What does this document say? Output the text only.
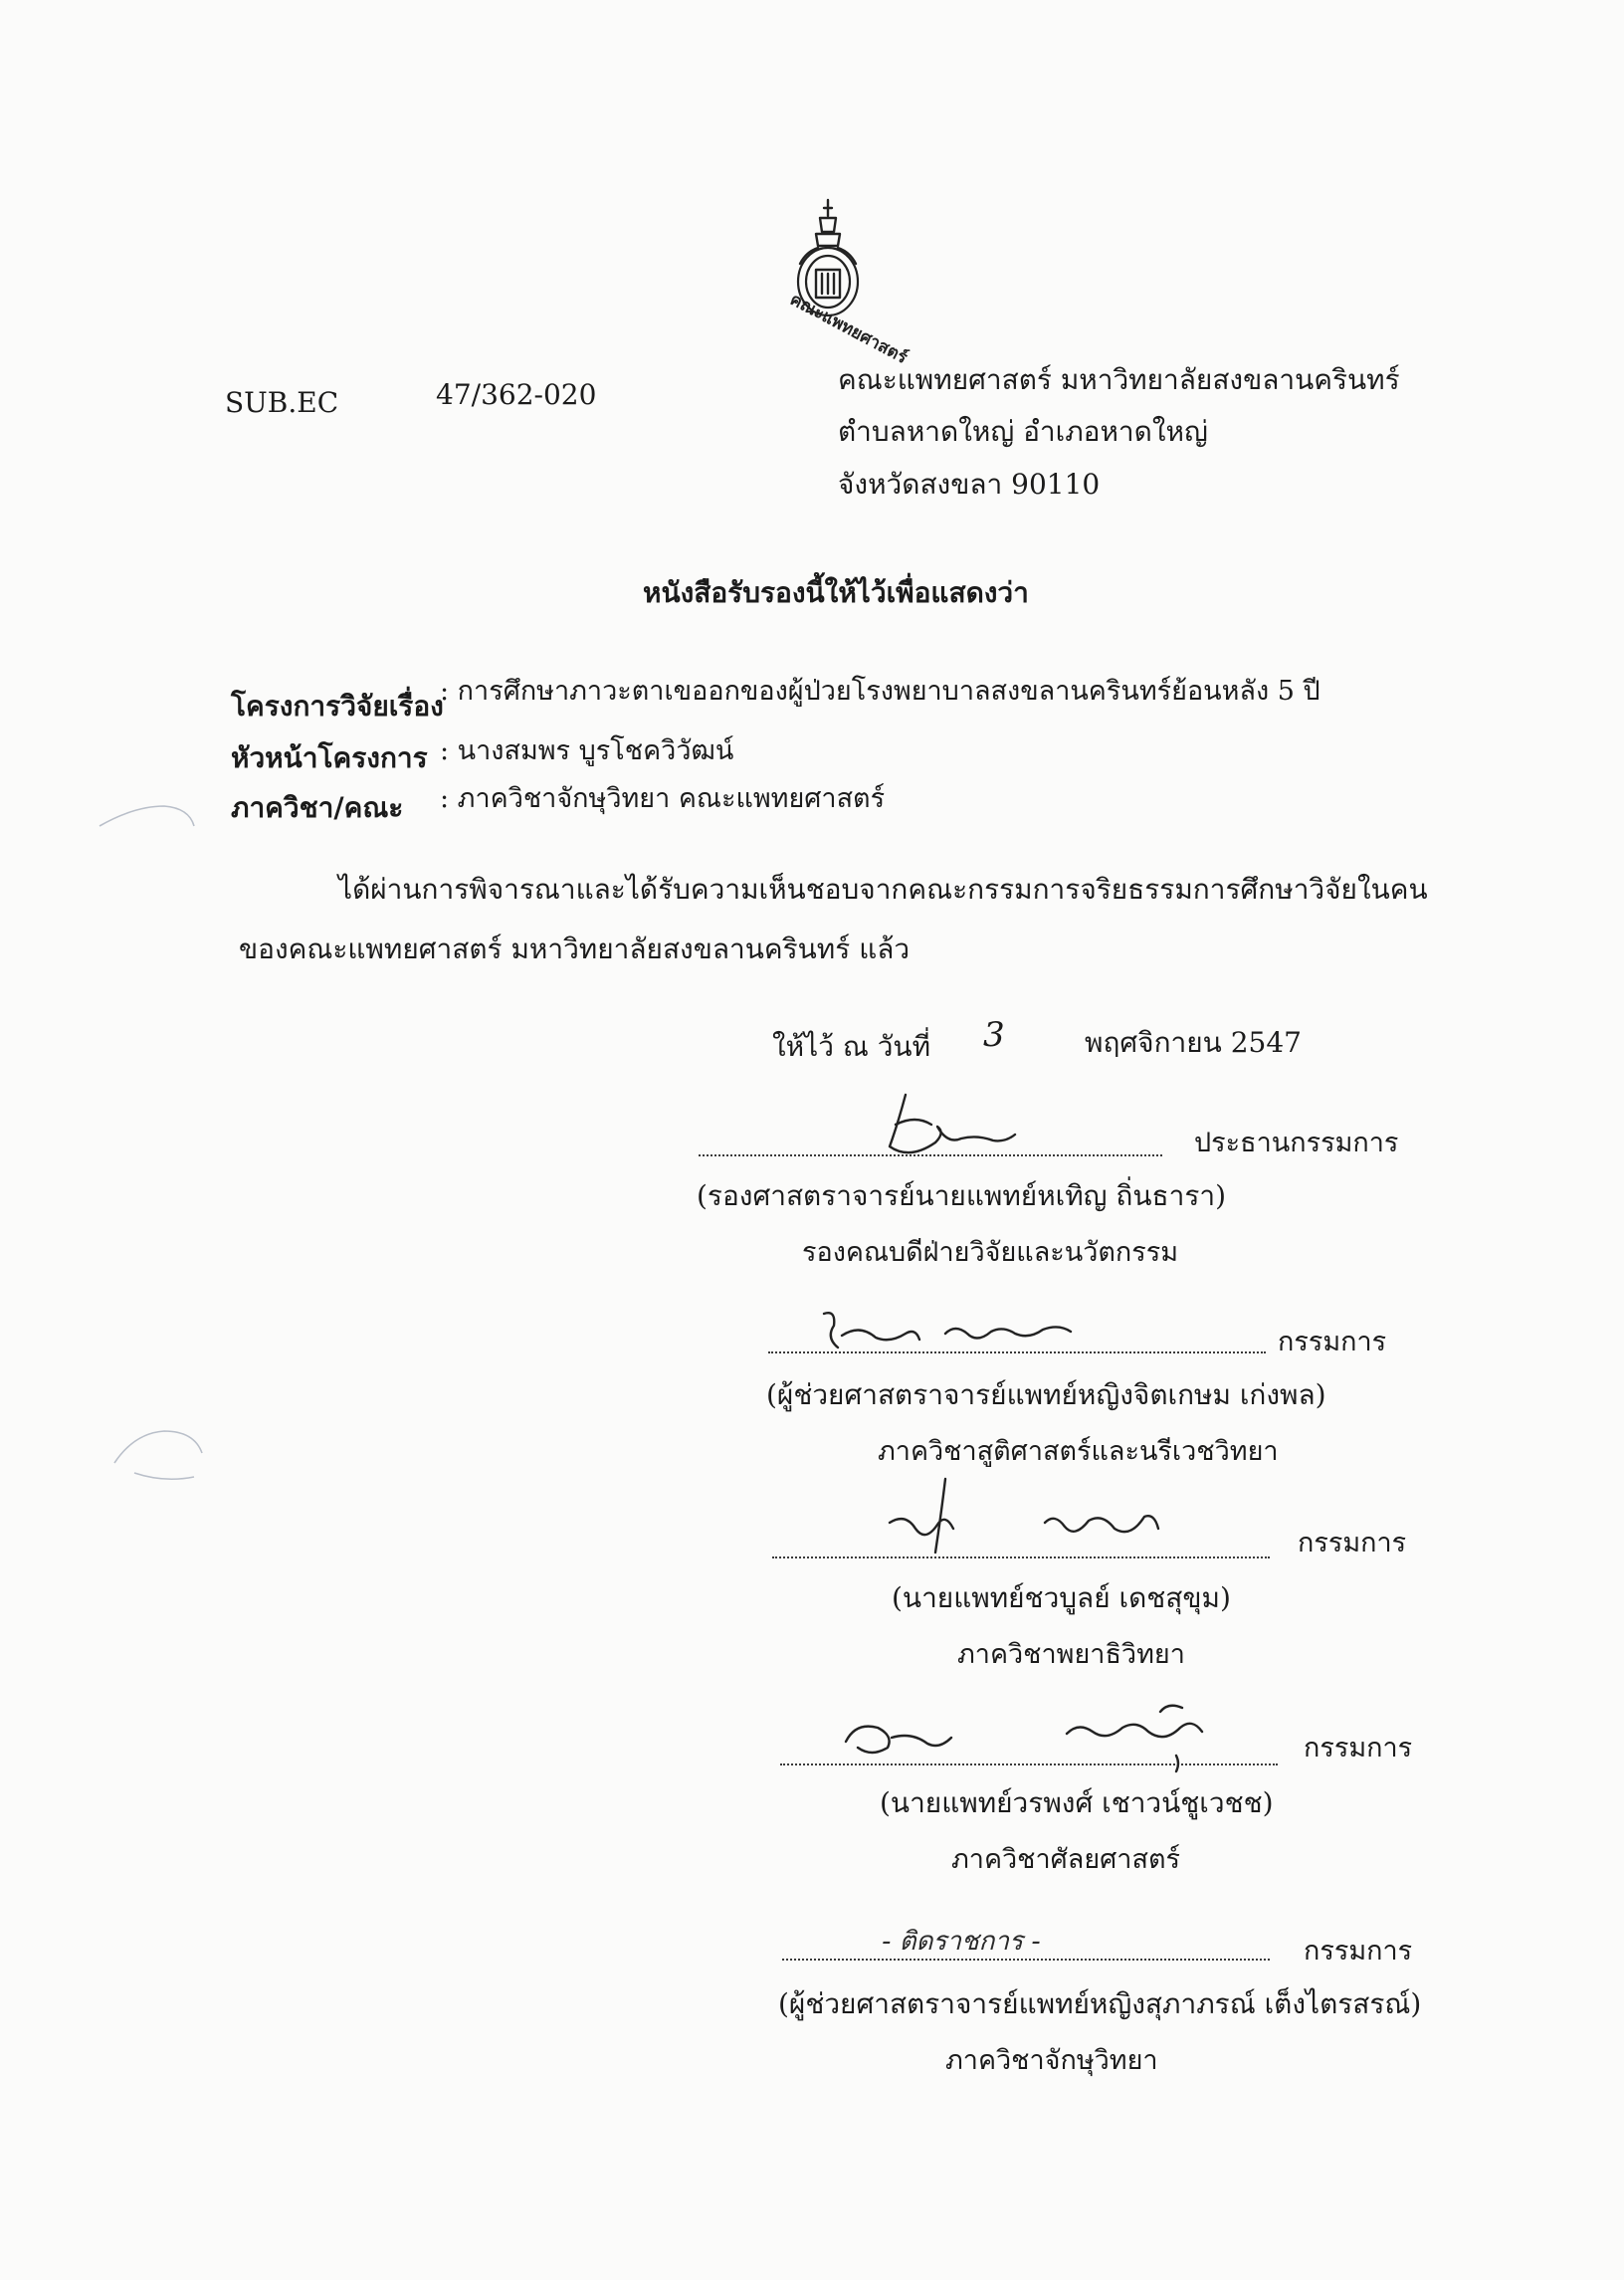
คณะแพทยศาสตร์
SUB.EC	47/362-020	คณะแพทยศาสตร์ มหาวิทยาลัยสงขลานครินทร์
ตำบลหาดใหญ่ อำเภอหาดใหญ่
จังหวัดสงขลา 90110
หนังสือรับรองนี้ให้ไว้เพื่อแสดงว่า
โครงการวิจัยเรื่อง
: การศึกษาภาวะตาเขออกของผู้ป่วยโรงพยาบาลสงขลานครินทร์ย้อนหลัง 5 ปี
หัวหน้าโครงการ : นางสมพร บูรโชควิวัฒน์
ภาควิชา/คณะ : ภาควิชาจักษุวิทยา คณะแพทยศาสตร์
ได้ผ่านการพิจารณาและได้รับความเห็นชอบจากคณะกรรมการจริยธรรมการศึกษาวิจัยในคน
ของคณะแพทยศาสตร์ มหาวิทยาลัยสงขลานครินทร์ แล้ว
ให้ไว้ ณ วันที่ 3	พฤศจิกายน 2547
ประธานกรรมการ
(รองศาสตราจารย์นายแพทย์หเทิญ ถิ่นธารา)
รองคณบดีฝ่ายวิจัยและนวัตกรรม
กรรมการ
(ผู้ช่วยศาสตราจารย์แพทย์หญิงจิตเกษม เก่งพล)
ภาควิชาสูติศาสตร์และนรีเวชวิทยา
กรรมการ
(นายแพทย์ชวบูลย์ เดชสุขุม)
ภาควิชาพยาธิวิทยา
กรรมการ
(นายแพทย์วรพงศ์ เชาวน์ชูเวชช)
ภาควิชาศัลยศาสตร์
- ติดราชการ -	กรรมการ
(ผู้ช่วยศาสตราจารย์แพทย์หญิงสุภาภรณ์ เต็งไตรสรณ์)
ภาควิชาจักษุวิทยา
